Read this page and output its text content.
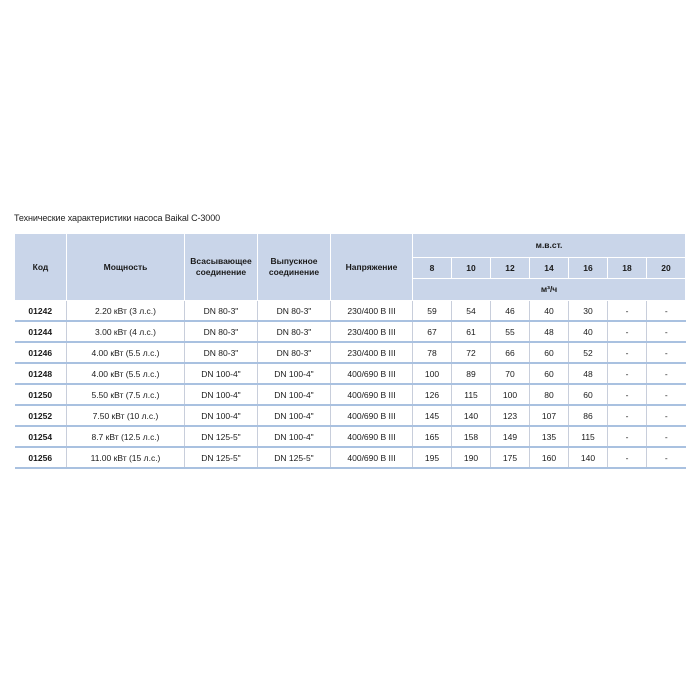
Технические характеристики насоса Baikal C-3000
Код	Мощность	Всасывающее соединение	Выпускное соединение	Напряжение	м.в.ст.						
					8	10	12	14	16	18	20
					м³/ч						
01242	2.20 кВт (3 л.с.)	DN 80-3"	DN 80-3"	230/400 В III	59	54	46	40	30	-	-
01244	3.00 кВт (4 л.с.)	DN 80-3"	DN 80-3"	230/400 В III	67	61	55	48	40	-	-
01246	4.00 кВт (5.5 л.с.)	DN 80-3"	DN 80-3"	230/400 В III	78	72	66	60	52	-	-
01248	4.00 кВт (5.5 л.с.)	DN 100-4"	DN 100-4"	400/690 В III	100	89	70	60	48	-	-
01250	5.50 кВт (7.5 л.с.)	DN 100-4"	DN 100-4"	400/690 В III	126	115	100	80	60	-	-
01252	7.50 кВт (10 л.с.)	DN 100-4"	DN 100-4"	400/690 В III	145	140	123	107	86	-	-
01254	8.7 кВт (12.5 л.с.)	DN 125-5"	DN 100-4"	400/690 В III	165	158	149	135	115	-	-
01256	11.00 кВт (15 л.с.)	DN 125-5"	DN 125-5"	400/690 В III	195	190	175	160	140	-	-
